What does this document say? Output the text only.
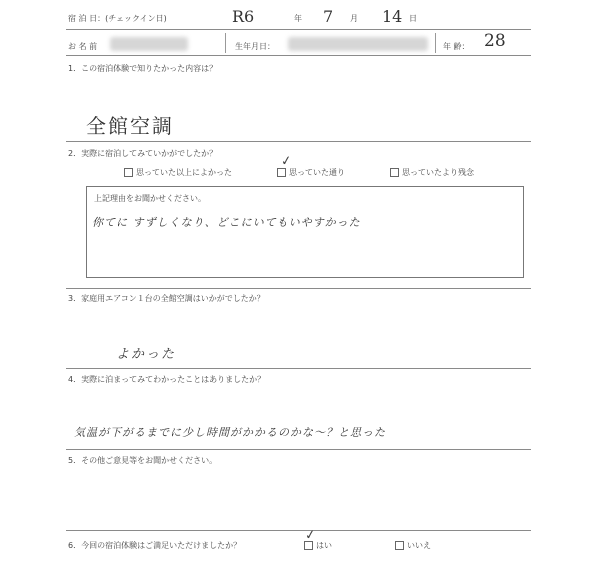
宿 泊 日：(チェックイン日)	R6	年 7 月 14 日
お 名 前	生年月日：	年 齢： 28
1．この宿泊体験で知りたかった内容は？
全館空調
2．実際に宿泊してみていかがでしたか？
思っていた以上によかった	思っていた通り
✓
思っていたより残念
上記理由をお聞かせください。
你てに すずしくなり、どこにいてもいやすかった
3．家庭用エアコン１台の全館空調はいかがでしたか？
よかった
4．実際に泊まってみてわかったことはありましたか？
気温が下がるまでに少し時間がかかるのかな〜？と思った
5．その他ご意見等をお聞かせください。
6．今回の宿泊体験はご満足いただけましたか？	はい
✓
いいえ
